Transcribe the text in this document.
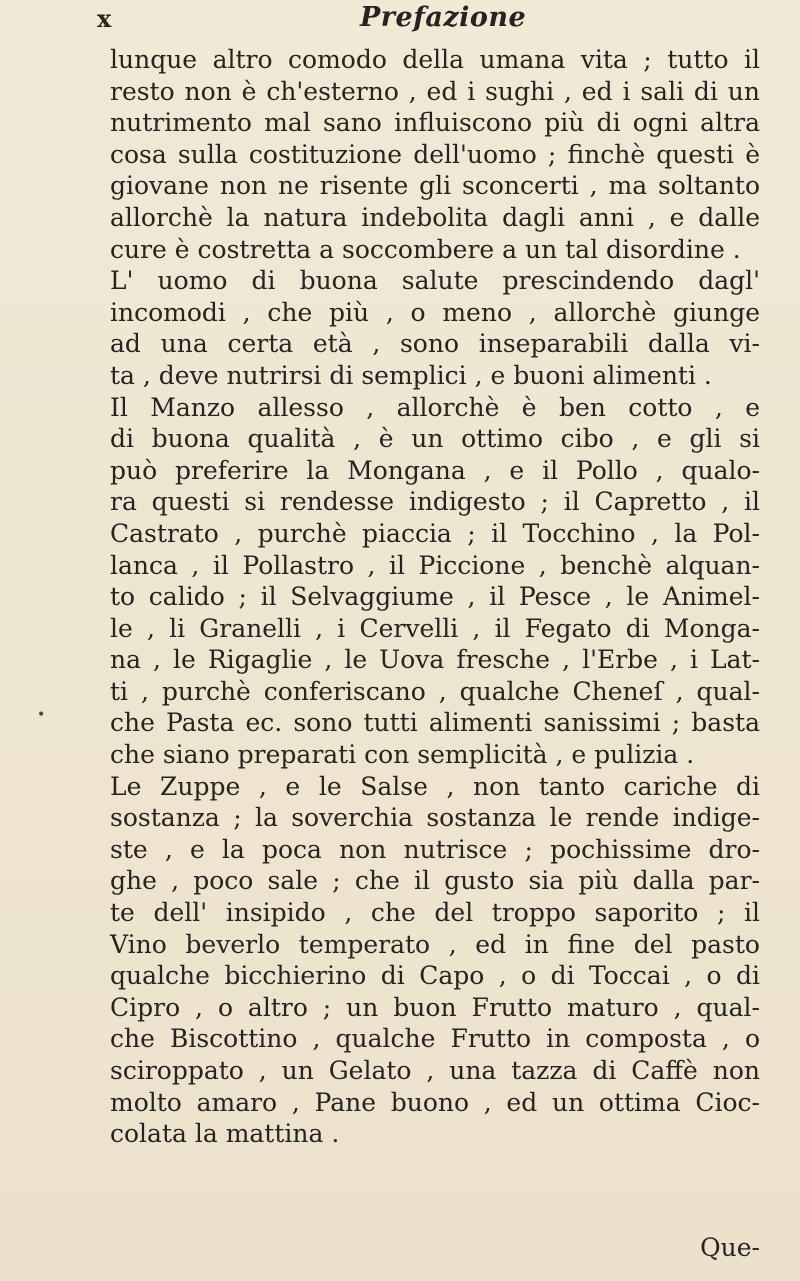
x	Prefazione
•
lunque altro comodo della umana vita ; tutto il
resto non è ch'esterno , ed i sughi , ed i sali di un
nutrimento mal sano influiscono più di ogni altra
cosa sulla costituzione dell'uomo ; finchè questi è
giovane non ne risente gli sconcerti , ma soltanto
allorchè la natura indebolita dagli anni , e dalle
cure è costretta a soccombere a un tal disordine .
L' uomo di buona salute prescindendo dagl'
incomodi , che più , o meno , allorchè giunge
ad una certa età , sono inseparabili dalla vi-
ta , deve nutrirsi di semplici , e buoni alimenti .
Il Manzo allesso , allorchè è ben cotto , e
di buona qualità , è un ottimo cibo , e gli si
può preferire la Mongana , e il Pollo , qualo-
ra questi si rendesse indigesto ; il Capretto , il
Castrato , purchè piaccia ; il Tocchino , la Pol-
lanca , il Pollastro , il Piccione , benchè alquan-
to calido ; il Selvaggiume , il Pesce , le Animel-
le , li Granelli , i Cervelli , il Fegato di Monga-
na , le Rigaglie , le Uova fresche , l'Erbe , i Lat-
ti , purchè conferiscano , qualche Cheneſ , qual-
che Pasta ec. sono tutti alimenti sanissimi ; basta
che siano preparati con semplicità , e pulizia .
Le Zuppe , e le Salse , non tanto cariche di
sostanza ; la soverchia sostanza le rende indige-
ste , e la poca non nutrisce ; pochissime dro-
ghe , poco sale ; che il gusto sia più dalla par-
te dell' insipido , che del troppo saporito ; il
Vino beverlo temperato , ed in fine del pasto
qualche bicchierino di Capo , o di Toccai , o di
Cipro , o altro ; un buon Frutto maturo , qual-
che Biscottino , qualche Frutto in composta , o
sciroppato , un Gelato , una tazza di Caffè non
molto amaro , Pane buono , ed un ottima Cioc-
colata la mattina .
Que-
